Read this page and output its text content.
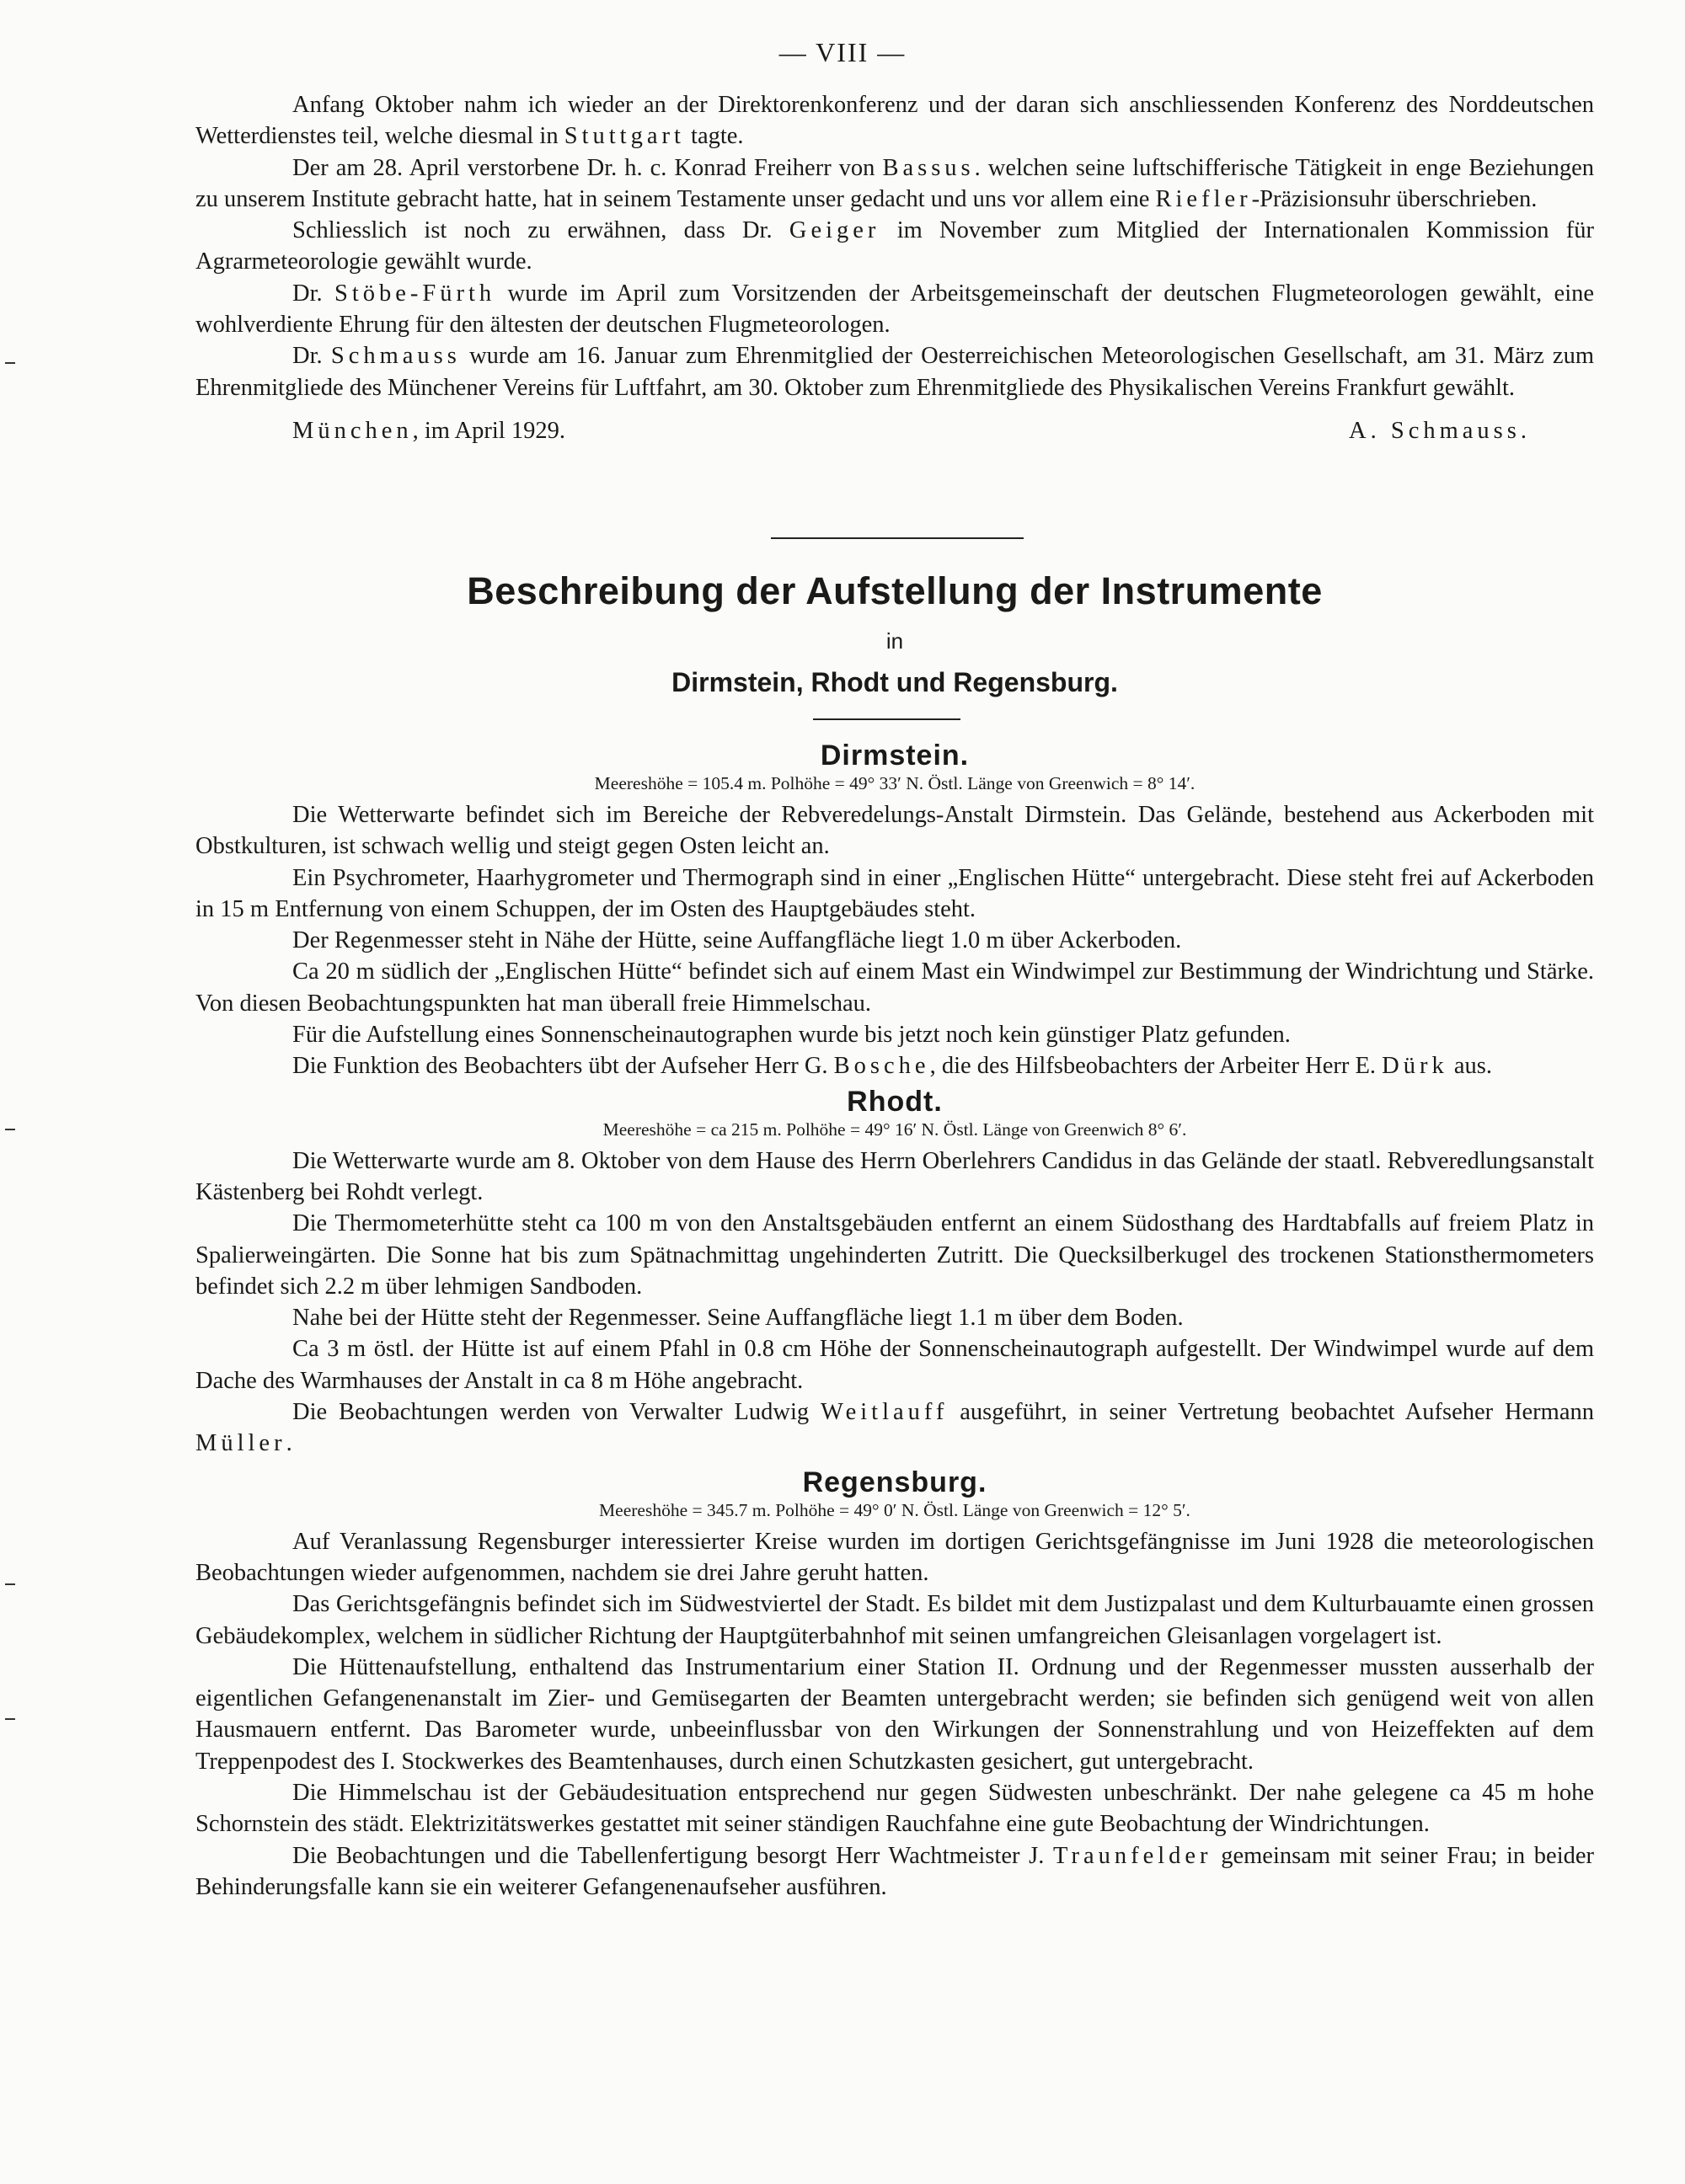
— VIII —

Anfang Oktober nahm ich wieder an der Direktorenkonferenz und der daran sich anschliessenden Konferenz des Norddeutschen Wetterdienstes teil, welche diesmal in Stuttgart tagte.

Der am 28. April verstorbene Dr. h. c. Konrad Freiherr von Bassus. welchen seine luftschifferische Tätigkeit in enge Beziehungen zu unserem Institute gebracht hatte, hat in seinem Testamente unser gedacht und uns vor allem eine Riefler-Präzisionsuhr überschrieben.

Schliesslich ist noch zu erwähnen, dass Dr. Geiger im November zum Mitglied der Internationalen Kommission für Agrarmeteorologie gewählt wurde.

Dr. Stöbe-Fürth wurde im April zum Vorsitzenden der Arbeitsgemeinschaft der deutschen Flugmeteorologen gewählt, eine wohlverdiente Ehrung für den ältesten der deutschen Flugmeteorologen.

Dr. Schmauss wurde am 16. Januar zum Ehrenmitglied der Oesterreichischen Meteorologischen Gesellschaft, am 31. März zum Ehrenmitgliede des Münchener Vereins für Luftfahrt, am 30. Oktober zum Ehrenmitgliede des Physikalischen Vereins Frankfurt gewählt.

München, im April 1929.	A. Schmauss.
Beschreibung der Aufstellung der Instrumente
in
Dirmstein, Rhodt und Regensburg.
Dirmstein.
Meereshöhe = 105.4 m. Polhöhe = 49° 33′ N. Östl. Länge von Greenwich = 8° 14′.

Die Wetterwarte befindet sich im Bereiche der Rebveredelungs-Anstalt Dirmstein. Das Gelände, bestehend aus Ackerboden mit Obstkulturen, ist schwach wellig und steigt gegen Osten leicht an.

Ein Psychrometer, Haarhygrometer und Thermograph sind in einer „Englischen Hütte“ untergebracht. Diese steht frei auf Ackerboden in 15 m Entfernung von einem Schuppen, der im Osten des Hauptgebäudes steht.

Der Regenmesser steht in Nähe der Hütte, seine Auffangfläche liegt 1.0 m über Ackerboden.

Ca 20 m südlich der „Englischen Hütte“ befindet sich auf einem Mast ein Windwimpel zur Bestimmung der Windrichtung und Stärke. Von diesen Beobachtungspunkten hat man überall freie Himmelschau.

Für die Aufstellung eines Sonnenscheinautographen wurde bis jetzt noch kein günstiger Platz gefunden.

Die Funktion des Beobachters übt der Aufseher Herr G. Bosche, die des Hilfsbeobachters der Arbeiter Herr E. Dürk aus.

Rhodt.
Meereshöhe = ca 215 m. Polhöhe = 49° 16′ N. Östl. Länge von Greenwich 8° 6′.

Die Wetterwarte wurde am 8. Oktober von dem Hause des Herrn Oberlehrers Candidus in das Gelände der staatl. Rebveredlungsanstalt Kästenberg bei Rohdt verlegt.

Die Thermometerhütte steht ca 100 m von den Anstaltsgebäuden entfernt an einem Südosthang des Hardtabfalls auf freiem Platz in Spalierweingärten. Die Sonne hat bis zum Spätnachmittag ungehinderten Zutritt. Die Quecksilberkugel des trockenen Stationsthermometers befindet sich 2.2 m über lehmigen Sandboden.

Nahe bei der Hütte steht der Regenmesser. Seine Auffangfläche liegt 1.1 m über dem Boden.

Ca 3 m östl. der Hütte ist auf einem Pfahl in 0.8 cm Höhe der Sonnenscheinautograph aufgestellt. Der Windwimpel wurde auf dem Dache des Warmhauses der Anstalt in ca 8 m Höhe angebracht.

Die Beobachtungen werden von Verwalter Ludwig Weitlauff ausgeführt, in seiner Vertretung beobachtet Aufseher Hermann Müller.

Regensburg.
Meereshöhe = 345.7 m. Polhöhe = 49° 0′ N. Östl. Länge von Greenwich = 12° 5′.

Auf Veranlassung Regensburger interessierter Kreise wurden im dortigen Gerichtsgefängnisse im Juni 1928 die meteorologischen Beobachtungen wieder aufgenommen, nachdem sie drei Jahre geruht hatten.

Das Gerichtsgefängnis befindet sich im Südwestviertel der Stadt. Es bildet mit dem Justizpalast und dem Kulturbauamte einen grossen Gebäudekomplex, welchem in südlicher Richtung der Hauptgüterbahnhof mit seinen umfangreichen Gleisanlagen vorgelagert ist.

Die Hüttenaufstellung, enthaltend das Instrumentarium einer Station II. Ordnung und der Regenmesser mussten ausserhalb der eigentlichen Gefangenenanstalt im Zier- und Gemüsegarten der Beamten untergebracht werden; sie befinden sich genügend weit von allen Hausmauern entfernt. Das Barometer wurde, unbeeinflussbar von den Wirkungen der Sonnenstrahlung und von Heizeffekten auf dem Treppenpodest des I. Stockwerkes des Beamtenhauses, durch einen Schutzkasten gesichert, gut untergebracht.

Die Himmelschau ist der Gebäudesituation entsprechend nur gegen Südwesten unbeschränkt. Der nahe gelegene ca 45 m hohe Schornstein des städt. Elektrizitätswerkes gestattet mit seiner ständigen Rauchfahne eine gute Beobachtung der Windrichtungen.

Die Beobachtungen und die Tabellenfertigung besorgt Herr Wachtmeister J. Traunfelder gemeinsam mit seiner Frau; in beider Behinderungsfalle kann sie ein weiterer Gefangenenaufseher ausführen.
